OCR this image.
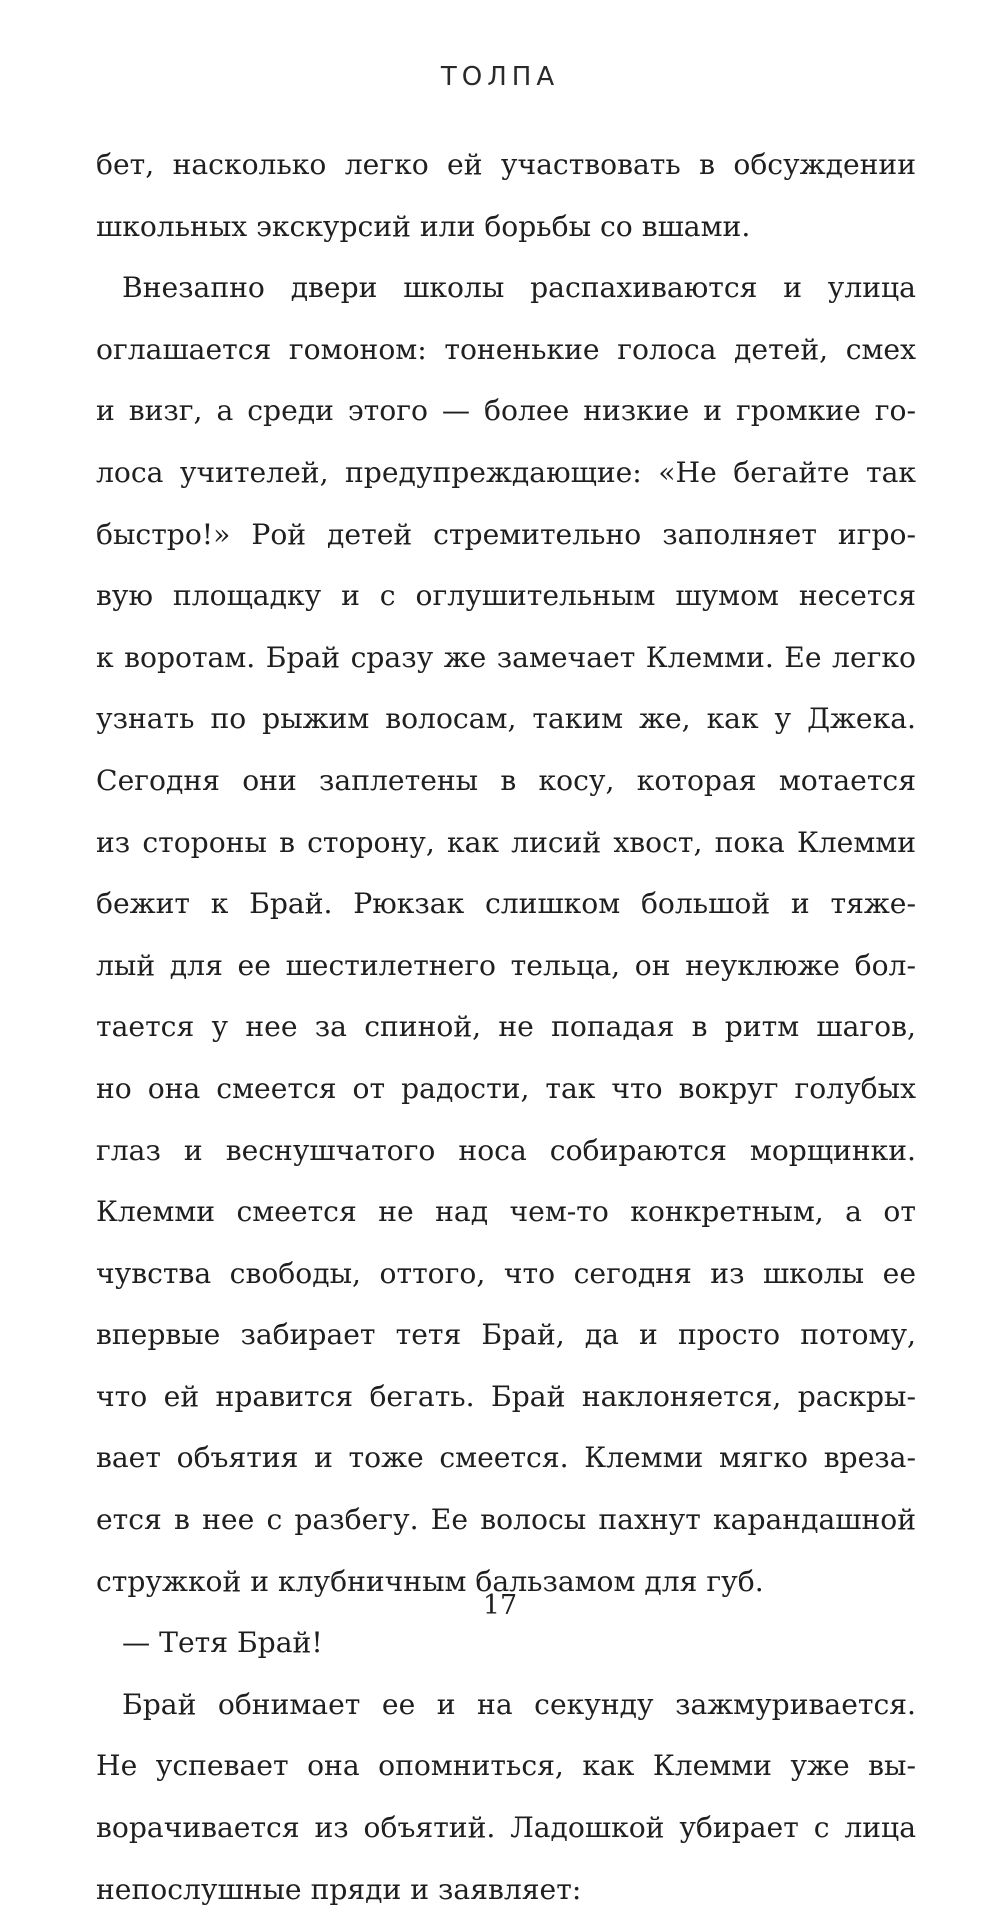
ТОЛПА
бет, насколько легко ей участвовать в обсуждении
школьных экскурсий или борьбы со вшами.
Внезапно двери школы распахиваются и улица
оглашается гомоном: тоненькие голоса детей, смех
и визг, а среди этого — более низкие и громкие го-
лоса учителей, предупреждающие: «Не бегайте так
быстро!» Рой детей стремительно заполняет игро-
вую площадку и с оглушительным шумом несется
к воротам. Брай сразу же замечает Клемми. Ее легко
узнать по рыжим волосам, таким же, как у Джека.
Сегодня они заплетены в косу, которая мотается
из стороны в сторону, как лисий хвост, пока Клемми
бежит к Брай. Рюкзак слишком большой и тяже-
лый для ее шестилетнего тельца, он неуклюже бол-
тается у нее за спиной, не попадая в ритм шагов,
но она смеется от радости, так что вокруг голубых
глаз и веснушчатого носа собираются морщинки.
Клемми смеется не над чем-то конкретным, а от
чувства свободы, оттого, что сегодня из школы ее
впервые забирает тетя Брай, да и просто потому,
что ей нравится бегать. Брай наклоняется, раскры-
вает объятия и тоже смеется. Клемми мягко вреза-
ется в нее с разбегу. Ее волосы пахнут карандашной
стружкой и клубничным бальзамом для губ.
— Тетя Брай!
Брай обнимает ее и на секунду зажмуривается.
Не успевает она опомниться, как Клемми уже вы-
ворачивается из объятий. Ладошкой убирает с лица
непослушные пряди и заявляет:
17
